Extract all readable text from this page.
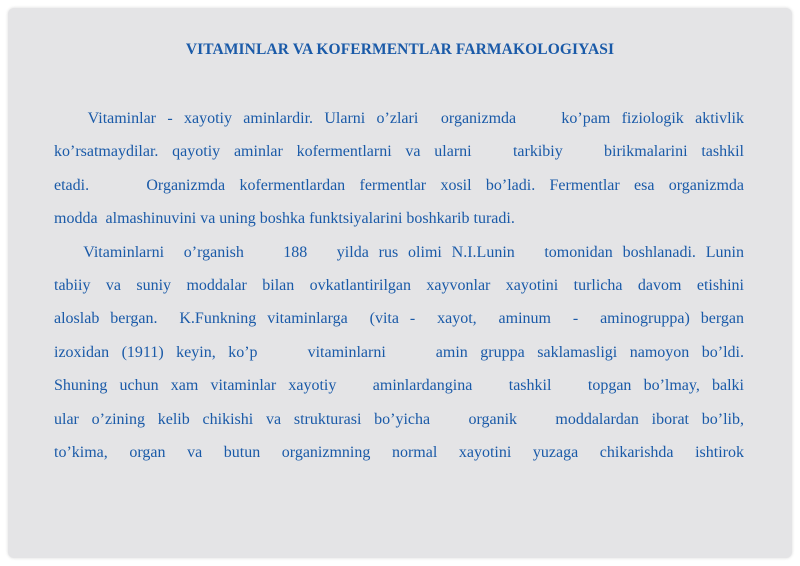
VITAMINLAR VA KOFERMENTLAR FARMAKOLOGIYASI
Vitaminlar - xayotiy aminlardir. Ularni o’zlari  organizmda    ko’pam fiziologik aktivlik
ko’rsatmaydilar. qayotiy aminlar kofermentlarni va ularni   tarkibiy   birikmalarini tashkil
etadi.    Organizmda kofermentlardan fermentlar xosil bo’ladi. Fermentlar esa organizmda
modda  almashinuvini va uning boshka funktsiyalarini boshkarib turadi.
Vitaminlarni  o’rganish    188   yilda rus olimi N.I.Lunin   tomonidan boshlanadi. Lunin
tabiiy va suniy moddalar bilan ovkatlantirilgan xayvonlar xayotini turlicha davom etishini
aloslab bergan.  K.Funkning vitaminlarga  (vita -  xayot,  aminum  -  aminogruppa) bergan
izoxidan (1911) keyin, ko’p    vitaminlarni    amin gruppa saklamasligi namoyon bo’ldi.
Shuning uchun xam vitaminlar xayotiy   aminlardangina   tashkil   topgan bo’lmay, balki
ular o’zining kelib chikishi va strukturasi bo’yicha   organik   moddalardan iborat bo’lib,
to’kima,  organ  va  butun  organizmning  normal  xayotini  yuzaga  chikarishda  ishtirok
